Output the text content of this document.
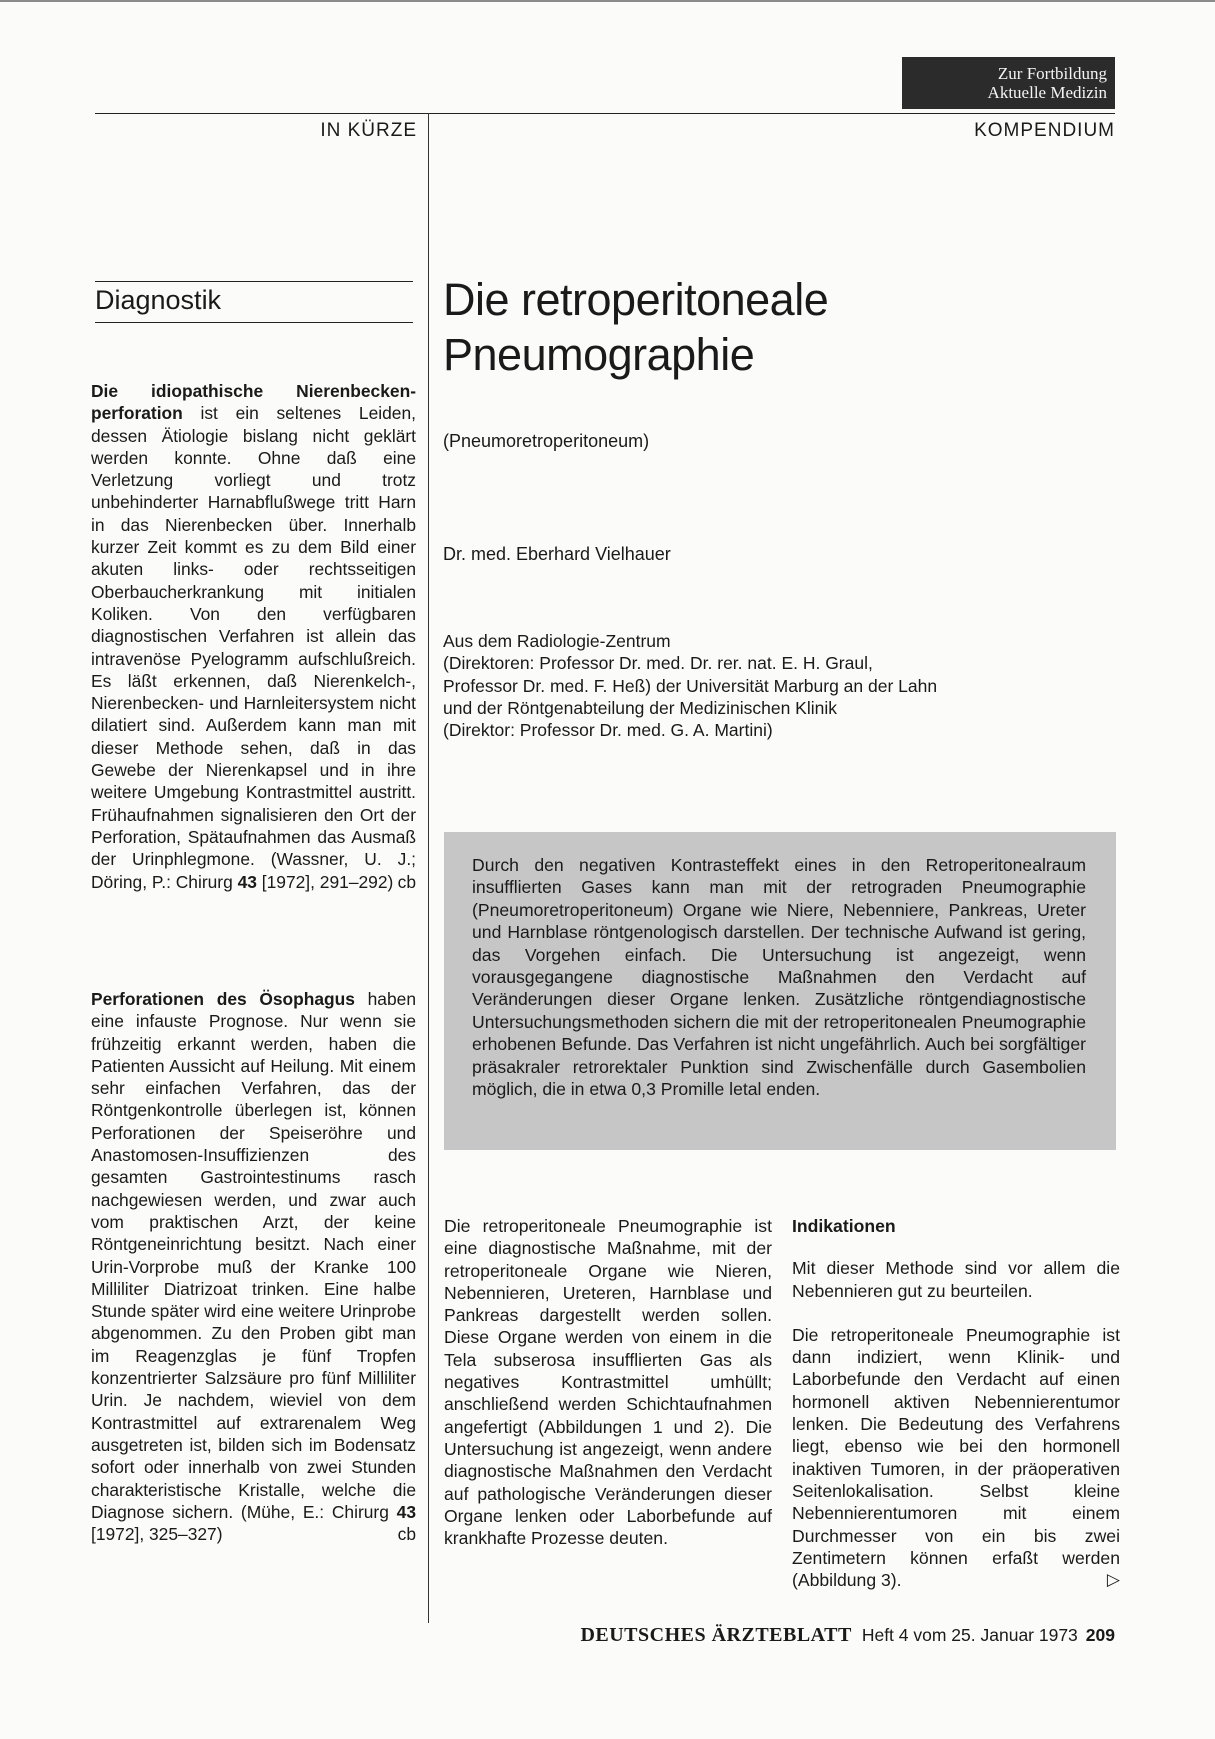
Zur Fortbildung
Aktuelle Medizin
IN KÜRZE	KOMPENDIUM
Diagnostik
Die idiopathische Nierenbeckenperforation ist ein seltenes Leiden, dessen Ätiologie bislang nicht geklärt werden konnte. Ohne daß eine Verletzung vorliegt und trotz unbehinderter Harnabflußwege tritt Harn in das Nierenbecken über. Innerhalb kurzer Zeit kommt es zu dem Bild einer akuten links- oder rechtsseitigen Oberbaucherkrankung mit initialen Koliken. Von den verfügbaren diagnostischen Verfahren ist allein das intravenöse Pyelogramm aufschlußreich. Es läßt erkennen, daß Nierenkelch-, Nierenbecken- und Harnleitersystem nicht dilatiert sind. Außerdem kann man mit dieser Methode sehen, daß in das Gewebe der Nierenkapsel und in ihre weitere Umgebung Kontrastmittel austritt. Frühaufnahmen signalisieren den Ort der Perforation, Spätaufnahmen das Ausmaß der Urinphlegmone. (Wassner, U. J.; Döring, P.: Chirurg 43 [1972], 291–292) cb
Perforationen des Ösophagus haben eine infauste Prognose. Nur wenn sie frühzeitig erkannt werden, haben die Patienten Aussicht auf Heilung. Mit einem sehr einfachen Verfahren, das der Röntgenkontrolle überlegen ist, können Perforationen der Speiseröhre und Anastomosen-Insuffizienzen des gesamten Gastrointestinums rasch nachgewiesen werden, und zwar auch vom praktischen Arzt, der keine Röntgeneinrichtung besitzt. Nach einer Urin-Vorprobe muß der Kranke 100 Milliliter Diatrizoat trinken. Eine halbe Stunde später wird eine weitere Urinprobe abgenommen. Zu den Proben gibt man im Reagenzglas je fünf Tropfen konzentrierter Salzsäure pro fünf Milliliter Urin. Je nachdem, wieviel von dem Kontrastmittel auf extrarenalem Weg ausgetreten ist, bilden sich im Bodensatz sofort oder innerhalb von zwei Stunden charakteristische Kristalle, welche die Diagnose sichern. (Mühe, E.: Chirurg 43 [1972], 325–327)	cb
Die retroperitoneale Pneumographie
(Pneumoretroperitoneum)
Dr. med. Eberhard Vielhauer
Aus dem Radiologie-Zentrum
(Direktoren: Professor Dr. med. Dr. rer. nat. E. H. Graul,
Professor Dr. med. F. Heß) der Universität Marburg an der Lahn
und der Röntgenabteilung der Medizinischen Klinik
(Direktor: Professor Dr. med. G. A. Martini)
Durch den negativen Kontrasteffekt eines in den Retroperitonealraum insufflierten Gases kann man mit der retrograden Pneumographie (Pneumoretroperitoneum) Organe wie Niere, Nebenniere, Pankreas, Ureter und Harnblase röntgenologisch darstellen. Der technische Aufwand ist gering, das Vorgehen einfach. Die Untersuchung ist angezeigt, wenn vorausgegangene diagnostische Maßnahmen den Verdacht auf Veränderungen dieser Organe lenken. Zusätzliche röntgendiagnostische Untersuchungsmethoden sichern die mit der retroperitonealen Pneumographie erhobenen Befunde. Das Verfahren ist nicht ungefährlich. Auch bei sorgfältiger präsakraler retrorektaler Punktion sind Zwischenfälle durch Gasembolien möglich, die in etwa 0,3 Promille letal enden.

Die retroperitoneale Pneumographie ist eine diagnostische Maßnahme, mit der retroperitoneale Organe wie Nieren, Nebennieren, Ureteren, Harnblase und Pankreas dargestellt werden sollen. Diese Organe werden von einem in die Tela subserosa insufflierten Gas als negatives Kontrastmittel umhüllt; anschließend werden Schichtaufnahmen angefertigt (Abbildungen 1 und 2). Die Untersuchung ist angezeigt, wenn andere diagnostische Maßnahmen den Verdacht auf pathologische Veränderungen dieser Organe lenken oder Laborbefunde auf krankhafte Prozesse deuten.

Indikationen

Mit dieser Methode sind vor allem die Nebennieren gut zu beurteilen.

Die retroperitoneale Pneumographie ist dann indiziert, wenn Klinik- und Laborbefunde den Verdacht auf einen hormonell aktiven Nebennierentumor lenken. Die Bedeutung des Verfahrens liegt, ebenso wie bei den hormonell inaktiven Tumoren, in der präoperativen Seitenlokalisation. Selbst kleine Nebennierentumoren mit einem Durchmesser von ein bis zwei Zentimetern können erfaßt werden (Abbildung 3).	▷

DEUTSCHES ÄRZTEBLATT Heft 4 vom 25. Januar 1973 209
